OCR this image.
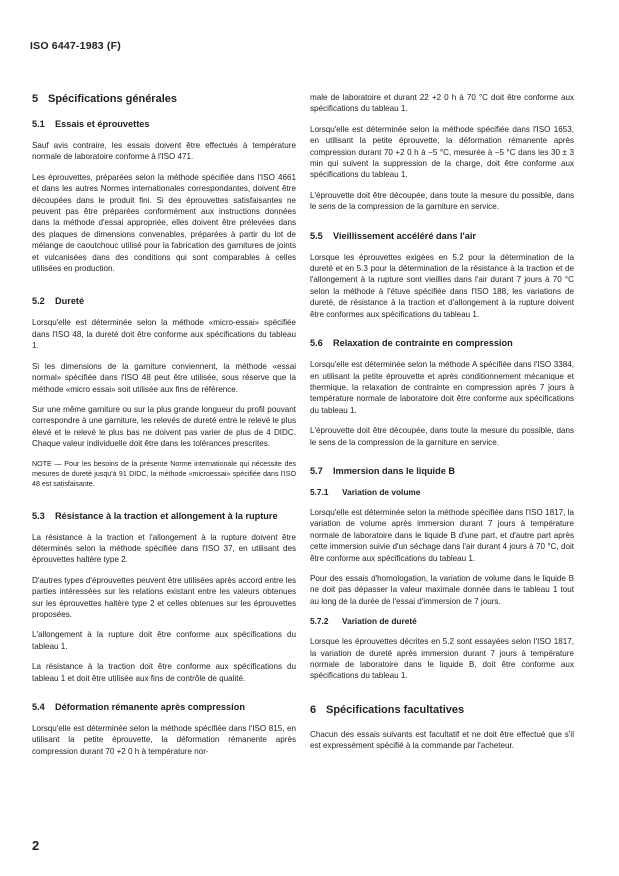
ISO 6447-1983 (F)
5 Spécifications générales
5.1 Essais et éprouvettes

Sauf avis contraire, les essais doivent être effectués à température normale de laboratoire conforme à l'ISO 471.

Les éprouvettes, préparées selon la méthode spécifiée dans l'ISO 4661 et dans les autres Normes internationales correspondantes, doivent être découpées dans le produit fini. Si des éprouvettes satisfaisantes ne peuvent pas être préparées conformément aux instructions données dans la méthode d'essai appropriée, elles doivent être prélevées dans des plaques de dimensions convenables, préparées à partir du lot de mélange de caoutchouc utilisé pour la fabrication des garnitures de joints et vulcanisées dans des conditions qui sont comparables à celles utilisées en production.

5.2 Dureté

Lorsqu'elle est déterminée selon la méthode «micro-essai» spécifiée dans l'ISO 48, la dureté doit être conforme aux spécifications du tableau 1.

Si les dimensions de la garniture conviennent, la méthode «essai normal» spécifiée dans l'ISO 48 peut être utilisée, sous réserve que la méthode «micro essai» soit utilisée aux fins de référence.

Sur une même garniture ou sur la plus grande longueur du profil pouvant correspondre à une garniture, les relevés de dureté entre le relevé le plus élevé et le relevé le plus bas ne doivent pas varier de plus de 4 DIDC. Chaque valeur individuelle doit être dans les tolérances prescrites.

NOTE — Pour les besoins de la présente Norme internationale qui nécessite des mesures de dureté jusqu'à 91 DIDC, la méthode «microessai» spécifiée dans l'ISO 48 est satisfaisante.

5.3 Résistance à la traction et allongement à la rupture

La résistance à la traction et l'allongement à la rupture doivent être déterminés selon la méthode spécifiée dans l'ISO 37, en utilisant des éprouvettes haltère type 2.

D'autres types d'éprouvettes peuvent être utilisées après accord entre les parties intéressées sur les relations existant entre les valeurs obtenues sur les éprouvettes haltère type 2 et celles obtenues sur les éprouvettes proposées.

L'allongement à la rupture doit être conforme aux spécifications du tableau 1.

La résistance à la traction doit être conforme aux spécifications du tableau 1 et doit être utilisée aux fins de contrôle de qualité.

5.4 Déformation rémanente après compression

Lorsqu'elle est déterminée selon la méthode spécifiée dans l'ISO 815, en utilisant la petite éprouvette, la déformation rémanente après compression durant 70 +2 0 h à température nor-

male de laboratoire et durant 22 +2 0 h à 70 °C doit être conforme aux spécifications du tableau 1.

Lorsqu'elle est déterminée selon la méthode spécifiée dans l'ISO 1653, en utilisant la petite éprouvette, la déformation rémanente après compression durant 70 +2 0 h à −5 °C, mesurée à −5 °C dans les 30 ± 3 min qui suivent la suppression de la charge, doit être conforme aux spécifications du tableau 1.

L'éprouvette doit être découpée, dans toute la mesure du possible, dans le sens de la compression de la garniture en service.

5.5 Vieillissement accéléré dans l'air

Lorsque les éprouvettes exigées en 5.2 pour la détermination de la dureté et en 5.3 pour la détermination de la résistance à la traction et de l'allongement à la rupture sont vieillies dans l'air durant 7 jours à 70 °C selon la méthode à l'étuve spécifiée dans l'ISO 188, les variations de dureté, de résistance à la traction et d'allongement à la rupture doivent être conformes aux spécifications du tableau 1.

5.6 Relaxation de contrainte en compression

Lorsqu'elle est déterminée selon la méthode A spécifiée dans l'ISO 3384, en utilisant la petite éprouvette et après conditionnement mécanique et thermique, la relaxation de contrainte en compression après 7 jours à température normale de laboratoire doit être conforme aux spécifications du tableau 1.

L'éprouvette doit être découpée, dans toute la mesure du possible, dans le sens de la compression de la garniture en service.

5.7 Immersion dans le liquide B
5.7.1 Variation de volume

Lorsqu'elle est déterminée selon la méthode spécifiée dans l'ISO 1817, la variation de volume après immersion durant 7 jours à température normale de laboratoire dans le liquide B d'une part, et d'autre part après cette immersion suivie d'un séchage dans l'air durant 4 jours à 70 °C, doit être conforme aux spécifications du tableau 1.

Pour des essais d'homologation, la variation de volume dans le liquide B ne doit pas dépasser la valeur maximale donnée dans le tableau 1 tout au long de la durée de l'essai d'immersion de 7 jours.

5.7.2 Variation de dureté

Lorsque les éprouvettes décrites en 5.2 sont essayées selon l'ISO 1817, la variation de dureté après immersion durant 7 jours à température normale de laboratoire dans le liquide B, doit être conforme aux spécifications du tableau 1.

6 Spécifications facultatives

Chacun des essais suivants est facultatif et ne doit être effectué que s'il est expressément spécifié à la commande par l'acheteur.

2
